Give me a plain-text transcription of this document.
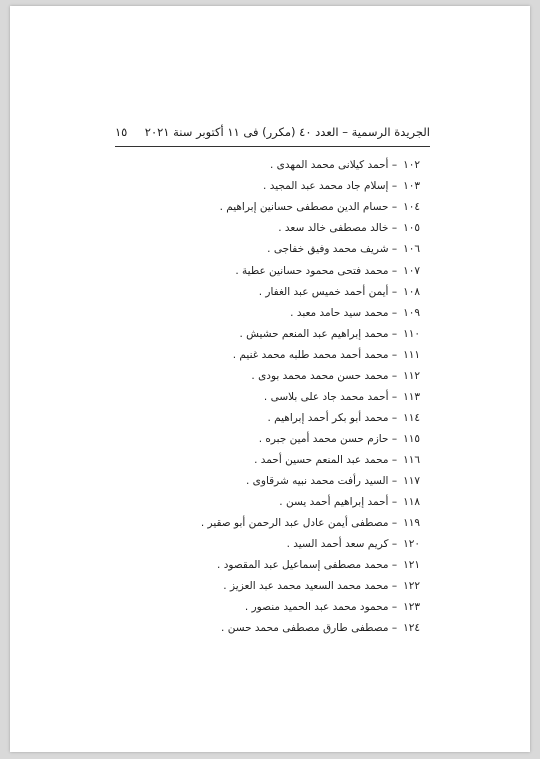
الجريدة الرسمية – العدد ٤٠ (مكرر) فى ١١ أكتوبر سنة ٢٠٢١
١٥
١٠٢– أحمد كيلانى محمد المهدى .
١٠٣– إسلام جاد محمد عبد المجيد .
١٠٤– حسام الدين مصطفى حسانين إبراهيم .
١٠٥– خالد مصطفى خالد سعد .
١٠٦– شريف محمد وفيق خفاجى .
١٠٧– محمد فتحى محمود حسانين عطية .
١٠٨– أيمن أحمد خميس عبد الغفار .
١٠٩– محمد سيد حامد معبد .
١١٠– محمد إبراهيم عبد المنعم حشيش .
١١١– محمد أحمد محمد طلبه محمد غنيم .
١١٢– محمد حسن محمد محمد بودى .
١١٣– أحمد محمد جاد على بلاسى .
١١٤– محمد أبو بكر أحمد إبراهيم .
١١٥– حازم حسن محمد أمين جبره .
١١٦– محمد عبد المنعم حسين أحمد .
١١٧– السيد رأفت محمد نبيه شرقاوى .
١١٨– أحمد إبراهيم أحمد يسن .
١١٩– مصطفى أيمن عادل عبد الرحمن أبو صقير .
١٢٠– كريم سعد أحمد السيد .
١٢١– محمد مصطفى إسماعيل عبد المقصود .
١٢٢– محمد محمد السعيد محمد عبد العزيز .
١٢٣– محمود محمد عبد الحميد منصور .
١٢٤– مصطفى طارق مصطفى محمد حسن .
